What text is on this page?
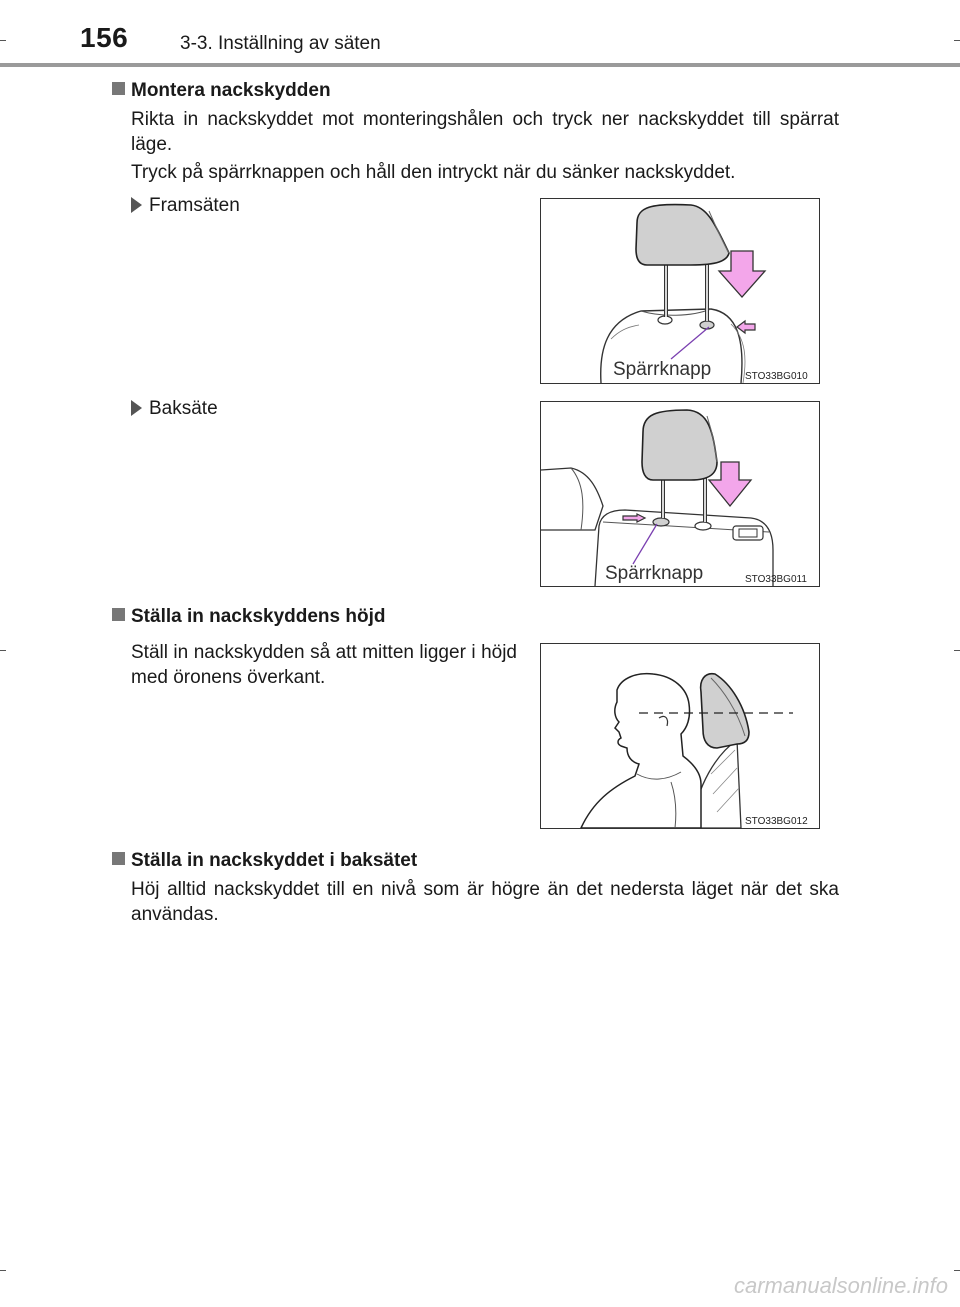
156	3-3. Inställning av säten
Montera nackskydden
Rikta in nackskyddet mot monteringshålen och tryck ner nackskyddet till spärrat läge.
Tryck på spärrknappen och håll den intryckt när du sänker nackskyddet.
Framsäten
Spärrknapp	STO33BG010
Baksäte
Spärrknapp	STO33BG011
Ställa in nackskyddens höjd
Ställ in nackskydden så att mitten ligger i höjd med öronens överkant.
STO33BG012
Ställa in nackskyddet i baksätet
Höj alltid nackskyddet till en nivå som är högre än det nedersta läget när det ska användas.
carmanualsonline.info
